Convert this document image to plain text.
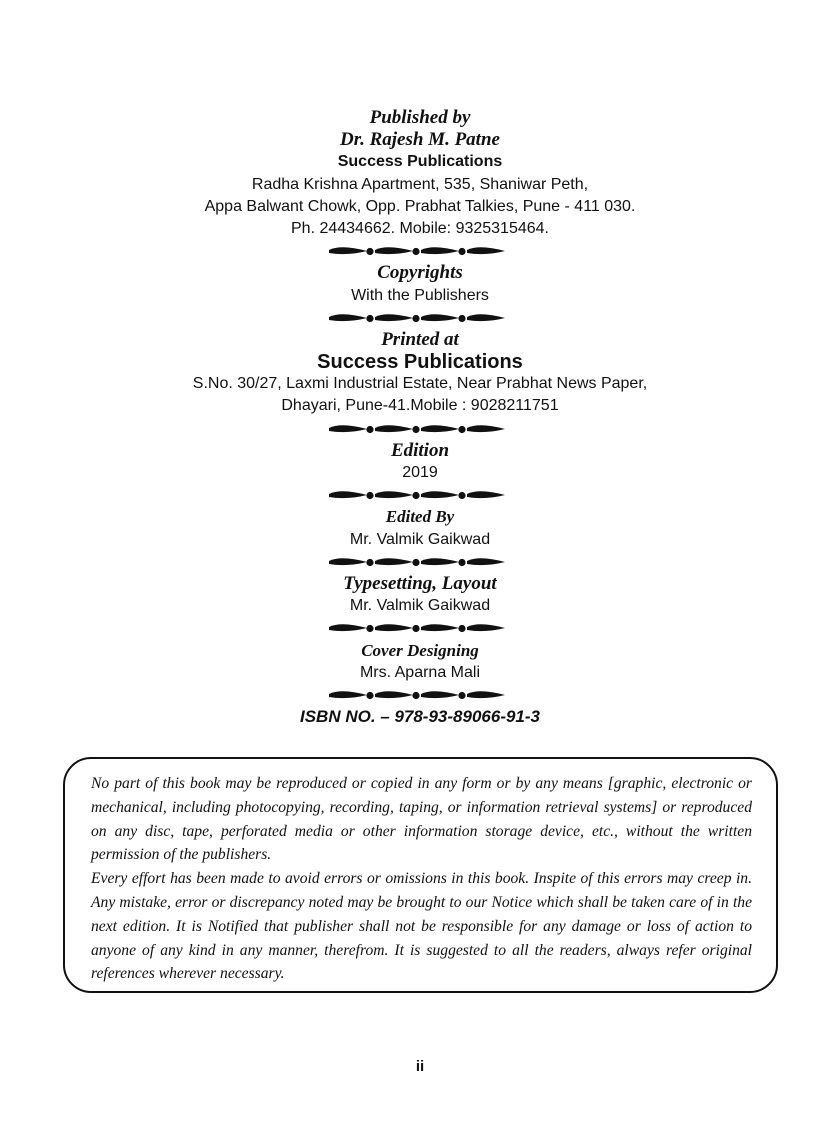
Published by
Dr. Rajesh M. Patne
Success Publications
Radha Krishna Apartment, 535, Shaniwar Peth,
Appa Balwant Chowk, Opp. Prabhat Talkies, Pune - 411 030.
Ph. 24434662. Mobile: 9325315464.
Copyrights
With the Publishers
Printed at
Success Publications
S.No. 30/27, Laxmi Industrial Estate, Near Prabhat News Paper,
Dhayari, Pune-41.Mobile : 9028211751
Edition
2019
Edited By
Mr. Valmik Gaikwad
Typesetting, Layout
Mr. Valmik Gaikwad
Cover Designing
Mrs. Aparna Mali
ISBN NO. – 978-93-89066-91-3

No part of this book may be reproduced or copied in any form or by any means [graphic, electronic or mechanical, including photocopying, recording, taping, or information retrieval systems] or reproduced on any disc, tape, perforated media or other information storage device, etc., without the written permission of the publishers.

Every effort has been made to avoid errors or omissions in this book. Inspite of this errors may creep in. Any mistake, error or discrepancy noted may be brought to our Notice which shall be taken care of in the next edition. It is Notified that publisher shall not be responsible for any damage or loss of action to anyone of any kind in any manner, therefrom. It is suggested to all the readers, always refer original references wherever necessary.

ii
